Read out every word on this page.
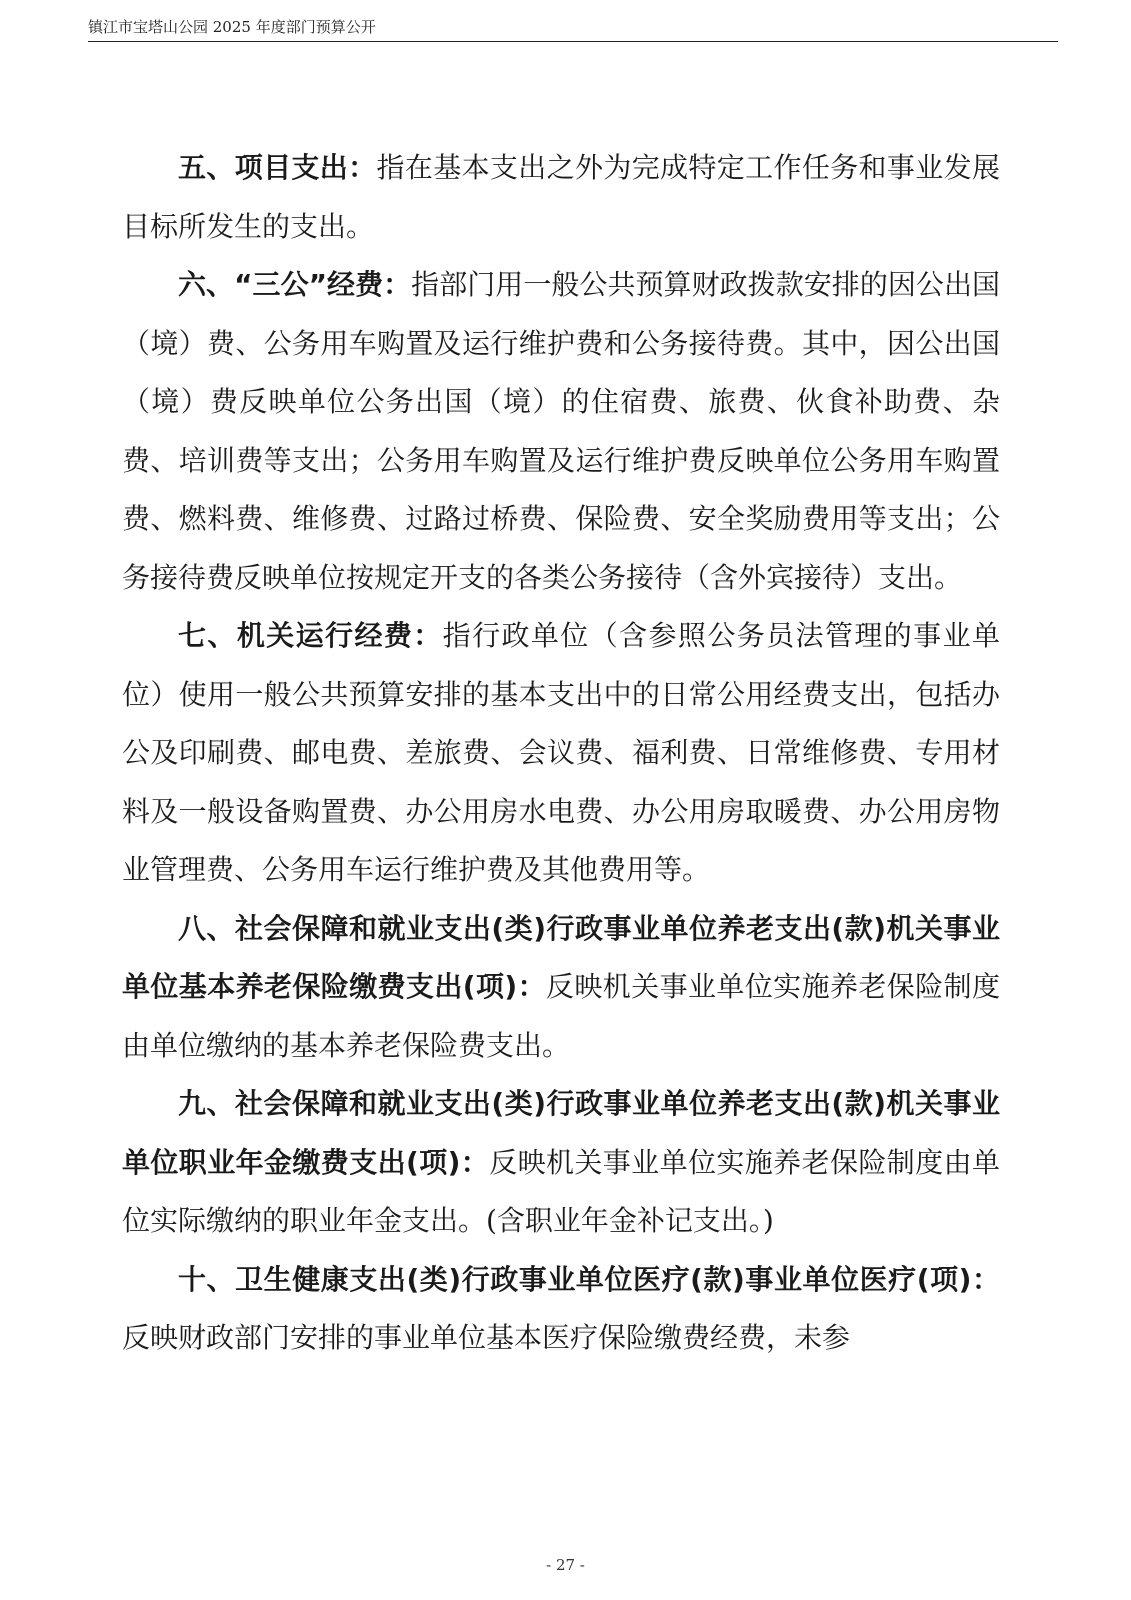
镇江市宝塔山公园 2025 年度部门预算公开

五、项目支出：指在基本支出之外为完成特定工作任务和事业发展目标所发生的支出。

六、“三公”经费：指部门用一般公共预算财政拨款安排的因公出国（境）费、公务用车购置及运行维护费和公务接待费。其中，因公出国（境）费反映单位公务出国（境）的住宿费、旅费、伙食补助费、杂费、培训费等支出；公务用车购置及运行维护费反映单位公务用车购置费、燃料费、维修费、过路过桥费、保险费、安全奖励费用等支出；公务接待费反映单位按规定开支的各类公务接待（含外宾接待）支出。

七、机关运行经费：指行政单位（含参照公务员法管理的事业单位）使用一般公共预算安排的基本支出中的日常公用经费支出，包括办公及印刷费、邮电费、差旅费、会议费、福利费、日常维修费、专用材料及一般设备购置费、办公用房水电费、办公用房取暖费、办公用房物业管理费、公务用车运行维护费及其他费用等。

八、社会保障和就业支出(类)行政事业单位养老支出(款)机关事业单位基本养老保险缴费支出(项)：反映机关事业单位实施养老保险制度由单位缴纳的基本养老保险费支出。

九、社会保障和就业支出(类)行政事业单位养老支出(款)机关事业单位职业年金缴费支出(项)：反映机关事业单位实施养老保险制度由单位实际缴纳的职业年金支出。(含职业年金补记支出。)

十、卫生健康支出(类)行政事业单位医疗(款)事业单位医疗(项)：反映财政部门安排的事业单位基本医疗保险缴费经费，未参

- 27 -
